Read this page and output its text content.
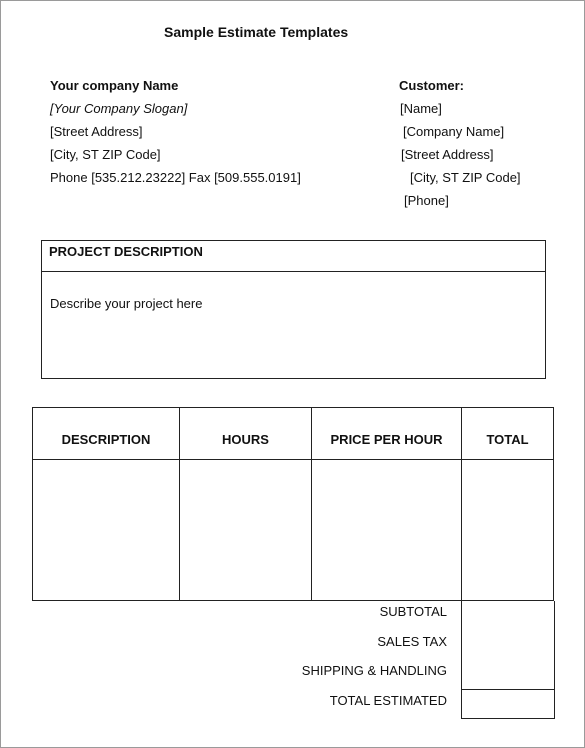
Sample Estimate Templates
Your company Name
[Your Company Slogan]
[Street Address]
[City, ST ZIP Code]
Phone [535.212.23222] Fax [509.555.0191]
Customer:
[Name]
[Company Name]
[Street Address]
[City, ST ZIP Code]
[Phone]
PROJECT DESCRIPTION
Describe your project here
DESCRIPTION	HOURS	PRICE PER HOUR	TOTAL

SUBTOTAL
SALES TAX
SHIPPING & HANDLING
TOTAL ESTIMATED
